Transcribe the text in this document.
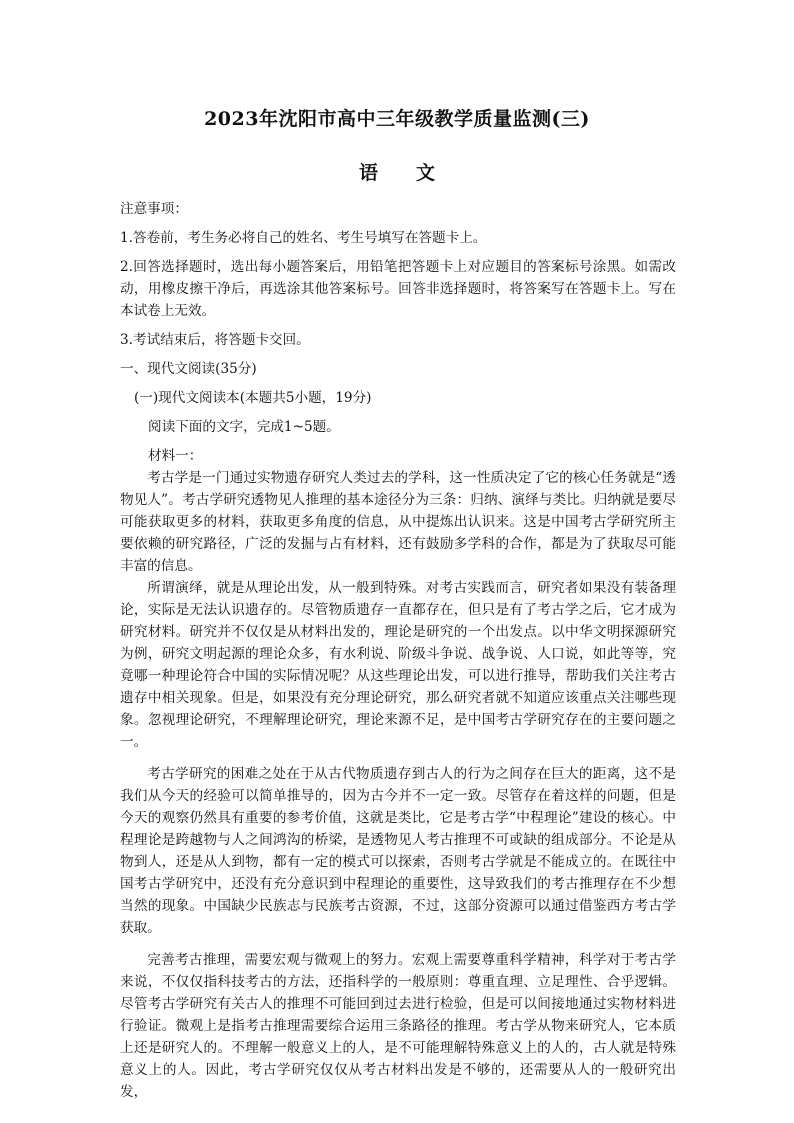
2023年沈阳市高中三年级教学质量监测(三)
语文

注意事项：

1.答卷前，考生务必将自己的姓名、考生号填写在答题卡上。

2.回答选择题时，选出每小题答案后，用铅笔把答题卡上对应题目的答案标号涂黑。如需改动，用橡皮擦干净后，再选涂其他答案标号。回答非选择题时，将答案写在答题卡上。写在本试卷上无效。

3.考试结束后，将答题卡交回。

一、现代文阅读(35分)

(一)现代文阅读本(本题共5小题，19分)

阅读下面的文字，完成1~5题。

材料一：

考古学是一门通过实物遗存研究人类过去的学科，这一性质决定了它的核心任务就是“透物见人”。考古学研究透物见人推理的基本途径分为三条：归纳、演绎与类比。归纳就是要尽可能获取更多的材料，获取更多角度的信息，从中提炼出认识来。这是中国考古学研究所主要依赖的研究路径，广泛的发掘与占有材料，还有鼓励多学科的合作，都是为了获取尽可能丰富的信息。

所谓演绎，就是从理论出发，从一般到特殊。对考古实践而言，研究者如果没有装备理论，实际是无法认识遗存的。尽管物质遗存一直都存在，但只是有了考古学之后，它才成为研究材料。研究并不仅仅是从材料出发的，理论是研究的一个出发点。以中华文明探源研究为例，研究文明起源的理论众多，有水利说、阶级斗争说、战争说、人口说，如此等等，究竟哪一种理论符合中国的实际情况呢？从这些理论出发，可以进行推导，帮助我们关注考古遗存中相关现象。但是，如果没有充分理论研究，那么研究者就不知道应该重点关注哪些现象。忽视理论研究，不理解理论研究，理论来源不足，是中国考古学研究存在的主要问题之一。

考古学研究的困难之处在于从古代物质遗存到古人的行为之间存在巨大的距离，这不是我们从今天的经验可以简单推导的，因为古今并不一定一致。尽管存在着这样的问题，但是今天的观察仍然具有重要的参考价值，这就是类比，它是考古学“中程理论”建设的核心。中程理论是跨越物与人之间鸿沟的桥梁，是透物见人考古推理不可或缺的组成部分。不论是从物到人，还是从人到物，都有一定的模式可以探索，否则考古学就是不能成立的。在既往中国考古学研究中，还没有充分意识到中程理论的重要性，这导致我们的考古推理存在不少想当然的现象。中国缺少民族志与民族考古资源，不过，这部分资源可以通过借鉴西方考古学获取。

完善考古推理，需要宏观与微观上的努力。宏观上需要尊重科学精神，科学对于考古学来说，不仅仅指科技考古的方法，还指科学的一般原则：尊重直理、立足理性、合乎逻辑。尽管考古学研究有关古人的推理不可能回到过去进行检验，但是可以间接地通过实物材料进行验证。微观上是指考古推理需要综合运用三条路径的推理。考古学从物来研究人，它本质上还是研究人的。不理解一般意义上的人，是不可能理解特殊意义上的人的，古人就是特殊意义上的人。因此，考古学研究仅仅从考古材料出发是不够的，还需要从人的一般研究出发，
